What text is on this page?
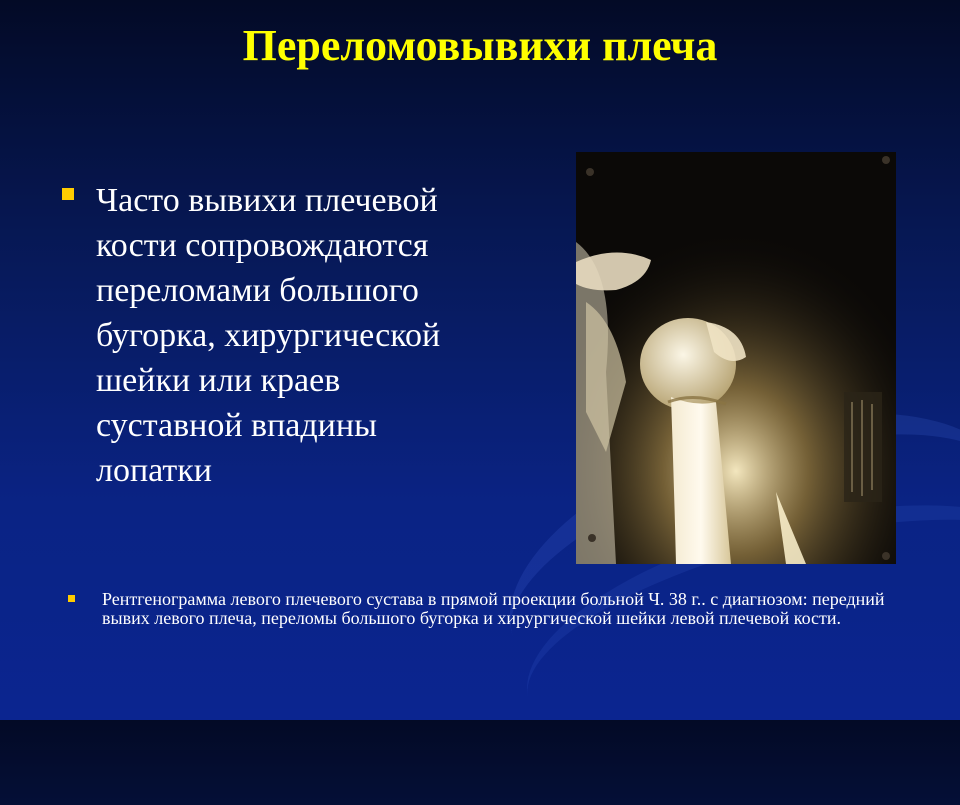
Переломовывихи плеча
Часто вывихи плечевой кости сопровождаются переломами большого бугорка, хирургической шейки или краев суставной впадины лопатки
Рентгенограмма левого плечевого сустава в прямой проекции больной Ч. 38 г.. с диагнозом: передний вывих левого плеча, переломы большого бугорка и хирургической шейки левой плечевой кости.
